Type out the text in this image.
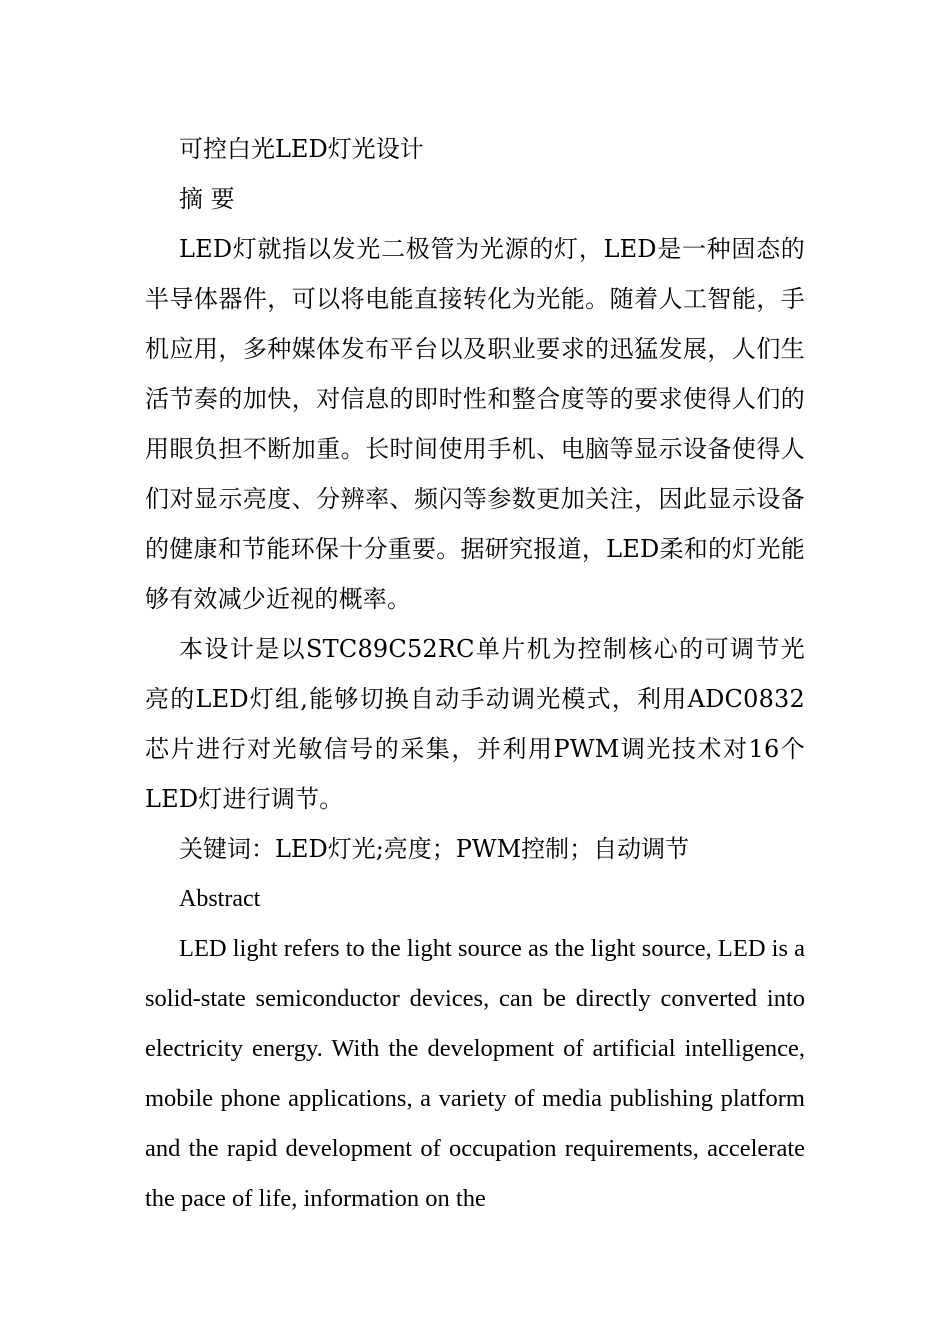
可控白光LED灯光设计

摘 要

LED灯就指以发光二极管为光源的灯，LED是一种固态的半导体器件，可以将电能直接转化为光能。随着人工智能，手机应用，多种媒体发布平台以及职业要求的迅猛发展，人们生活节奏的加快，对信息的即时性和整合度等的要求使得人们的用眼负担不断加重。长时间使用手机、电脑等显示设备使得人们对显示亮度、分辨率、频闪等参数更加关注，因此显示设备的健康和节能环保十分重要。据研究报道，LED柔和的灯光能够有效减少近视的概率。

本设计是以STC89C52RC单片机为控制核心的可调节光亮的LED灯组,能够切换自动手动调光模式，利用ADC0832芯片进行对光敏信号的采集，并利用PWM调光技术对16个LED灯进行调节。

关键词：LED灯光;亮度；PWM控制；自动调节

Abstract

LED light refers to the light source as the light source, LED is a solid-state semiconductor devices, can be directly converted into electricity energy. With the development of artificial intelligence, mobile phone applications, a variety of media publishing platform and the rapid development of occupation requirements, accelerate the pace of life, information on the
